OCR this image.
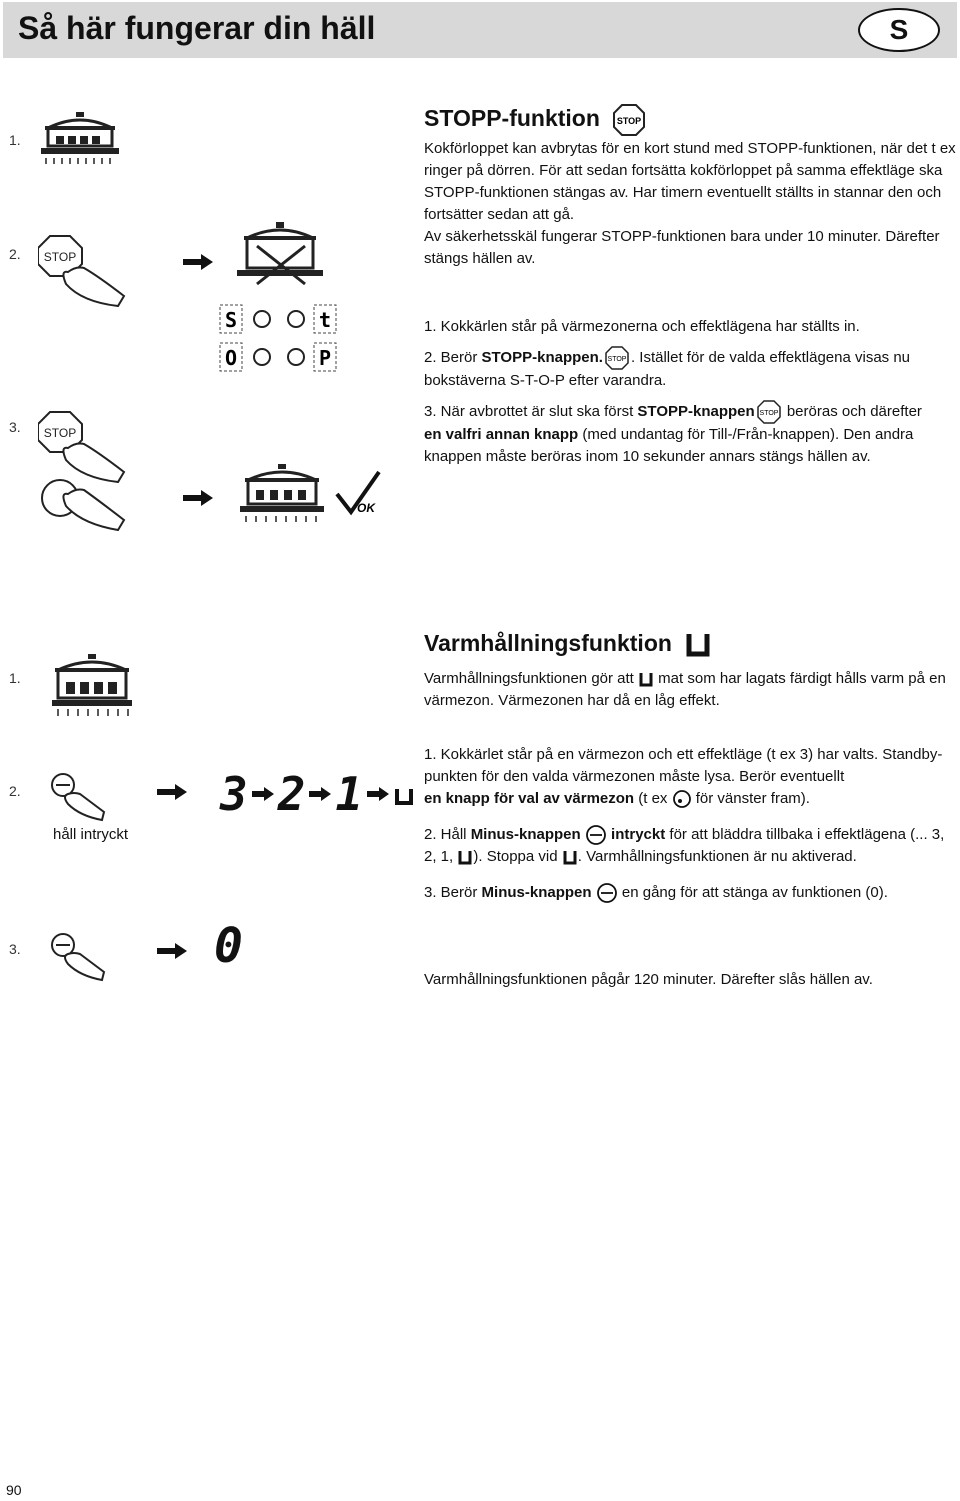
Så här fungerar din häll	S
1.
2.
3.
STOP
S	t
O	P
STOP
OK
STOPP-funktion STOP

Kokförloppet kan avbrytas för en kort stund med STOPP-funktionen, när det t ex ringer på dörren. För att sedan fortsätta kokförloppet på samma effektläge ska STOPP-funktionen stängas av. Har timern eventuellt ställts in stannar den och fortsätter sedan att gå.

Av säkerhetsskäl fungerar STOPP-funktionen bara under 10 minuter. Därefter stängs hällen av.

1. Kokkärlen står på värmezonerna och effektlägena har ställts in.

2. Berör STOPP-knappen. STOP . Istället för de valda effektlägena visas nu bokstäverna S-T-O-P efter varandra.

3. När avbrottet är slut ska först STOPP-knappen STOP beröras och därefter
en valfri annan knapp (med undantag för Till-/Från-knappen). Den andra knappen måste beröras inom 10 sekunder annars stängs hällen av.

1.
2.
3.
håll intryckt
3 2 1
0
Varmhållningsfunktion

Varmhållningsfunktionen gör att  mat som har lagats färdigt hålls varm på en värmezon. Värmezonen har då en låg effekt.

1. Kokkärlet står på en värmezon och ett effektläge (t ex 3) har valts. Standby-punkten för den valda värmezonen måste lysa. Berör eventuellt
en knapp för val av värmezon (t ex  för vänster fram).

2. Håll Minus-knappen intryckt för att bläddra tillbaka i effektlägena (... 3, 2, 1, ). Stoppa vid . Varmhållningsfunktionen är nu aktiverad.

3. Berör Minus-knappen  en gång för att stänga av funktionen (0).

Varmhållningsfunktionen pågår 120 minuter. Därefter slås hällen av.
90
